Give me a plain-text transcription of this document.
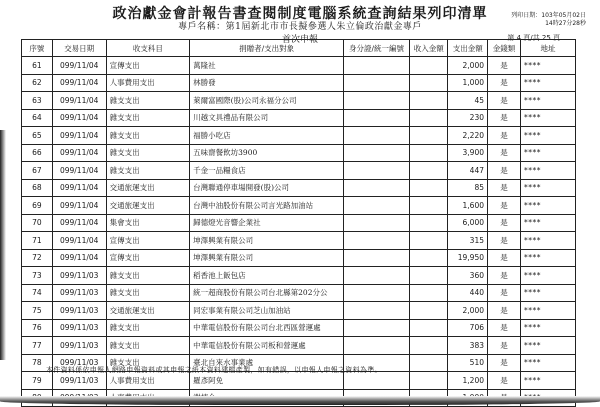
政治獻金會計報告書查閱制度電腦系統查詢結果列印清單
專戶名稱：第1屆新北市市長擬參選人朱立倫政治獻金專戶
首次申報
列印日期：103年05月02日
14時27分28秒
第 4 頁/共 25 頁
序號	交易日期	收支科目	捐贈者/支出對象	身分證/統一編號	收入金額	支出金額	金錢類	地址
61	099/11/04	宣傳支出	萬隆社			2,000	是	****
62	099/11/04	人事費用支出	林勝發			1,000	是	****
63	099/11/04	雜支支出	萊爾富國際(股)公司永福分公司			45	是	****
64	099/11/04	雜支支出	川越文具禮品有限公司			230	是	****
65	099/11/04	雜支支出	福勝小吃店			2,220	是	****
66	099/11/04	雜支支出	五味齋餐飲坊3900			3,900	是	****
67	099/11/04	雜支支出	千金一品糧食店			447	是	****
68	099/11/04	交通旅運支出	台灣聯通停車場開發(股)公司			85	是	****
69	099/11/04	交通旅運支出	台灣中油股份有限公司言光路加油站			1,600	是	****
70	099/11/04	集會支出	歸德燈光音響企業社			6,000	是	****
71	099/11/04	宣傳支出	坤澤興業有限公司			315	是	****
72	099/11/04	宣傳支出	坤澤興業有限公司			19,950	是	****
73	099/11/03	雜支支出	稻香池上飯包店			360	是	****
74	099/11/03	雜支支出	統一超商股份有限公司台北縣第202分公			440	是	****
75	099/11/03	交通旅運支出	同宏事業有限公司芝山加油站			2,000	是	****
76	099/11/03	雜支支出	中華電信股份有限公司台北西區營運處			706	是	****
77	099/11/03	雜支支出	中華電信股份有限公司板和營運處			383	是	****
78	099/11/03	雜支支出	臺北自來水事業處			510	是	****
79	099/11/03	人事費用支出	羅彥阿免			1,200	是	****

本件資料係依申報人網路申報資料或其申報之紙本資料建檔產製，如有錯誤，以申報人申報之資料為準。
